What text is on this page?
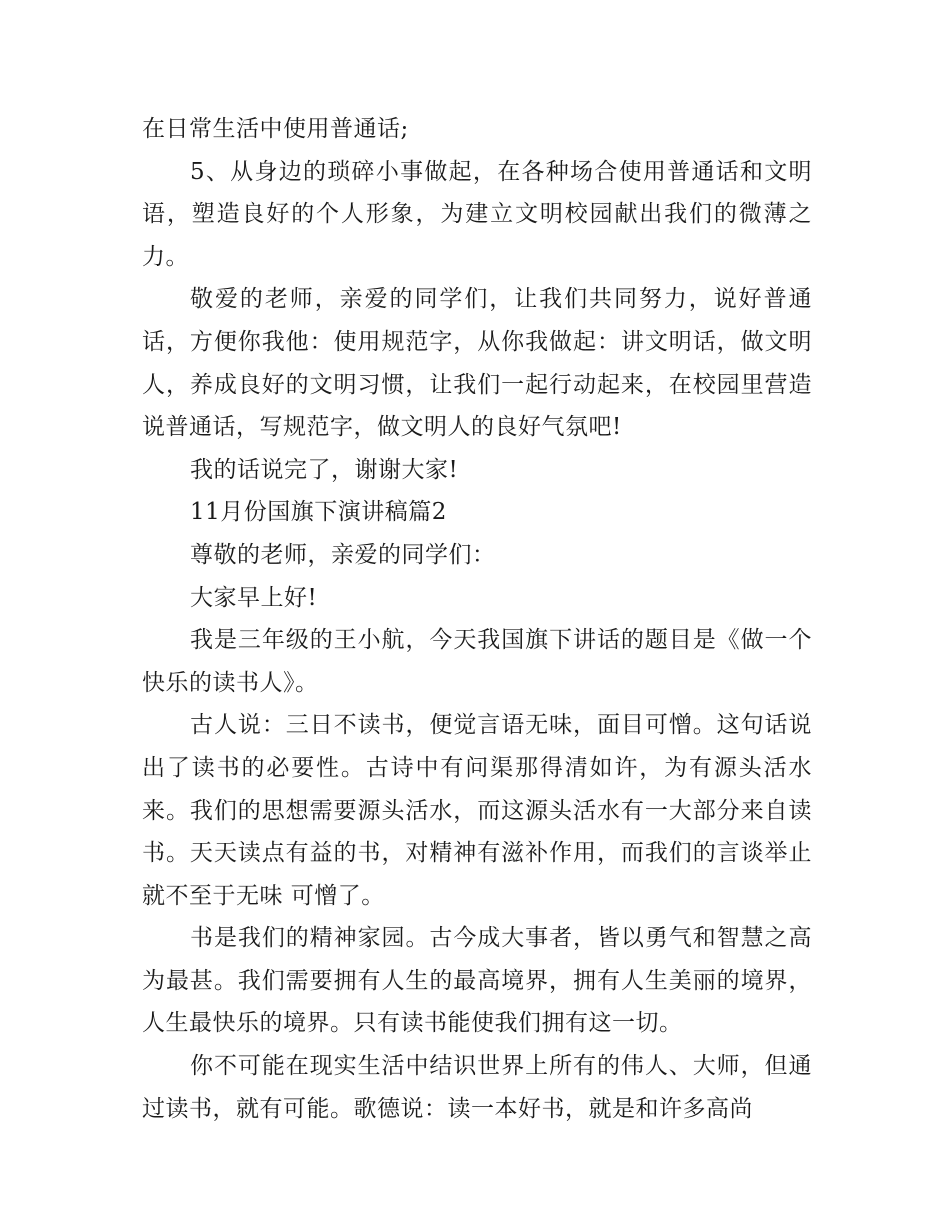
在日常生活中使用普通话;

5、从身边的琐碎小事做起，在各种场合使用普通话和文明语，塑造良好的个人形象，为建立文明校园献出我们的微薄之力。

敬爱的老师，亲爱的同学们，让我们共同努力，说好普通话，方便你我他：使用规范字，从你我做起：讲文明话，做文明人，养成良好的文明习惯，让我们一起行动起来，在校园里营造说普通话，写规范字，做文明人的良好气氛吧!

我的话说完了，谢谢大家!

11月份国旗下演讲稿篇2

尊敬的老师，亲爱的同学们：

大家早上好!

我是三年级的王小航，今天我国旗下讲话的题目是《做一个快乐的读书人》。

古人说：三日不读书，便觉言语无味，面目可憎。这句话说出了读书的必要性。古诗中有问渠那得清如许，为有源头活水来。我们的思想需要源头活水，而这源头活水有一大部分来自读书。天天读点有益的书，对精神有滋补作用，而我们的言谈举止就不至于无味 可憎了。

书是我们的精神家园。古今成大事者，皆以勇气和智慧之高为最甚。我们需要拥有人生的最高境界，拥有人生美丽的境界，人生最快乐的境界。只有读书能使我们拥有这一切。

你不可能在现实生活中结识世界上所有的伟人、大师，但通过读书，就有可能。歌德说：读一本好书，就是和许多高尚
